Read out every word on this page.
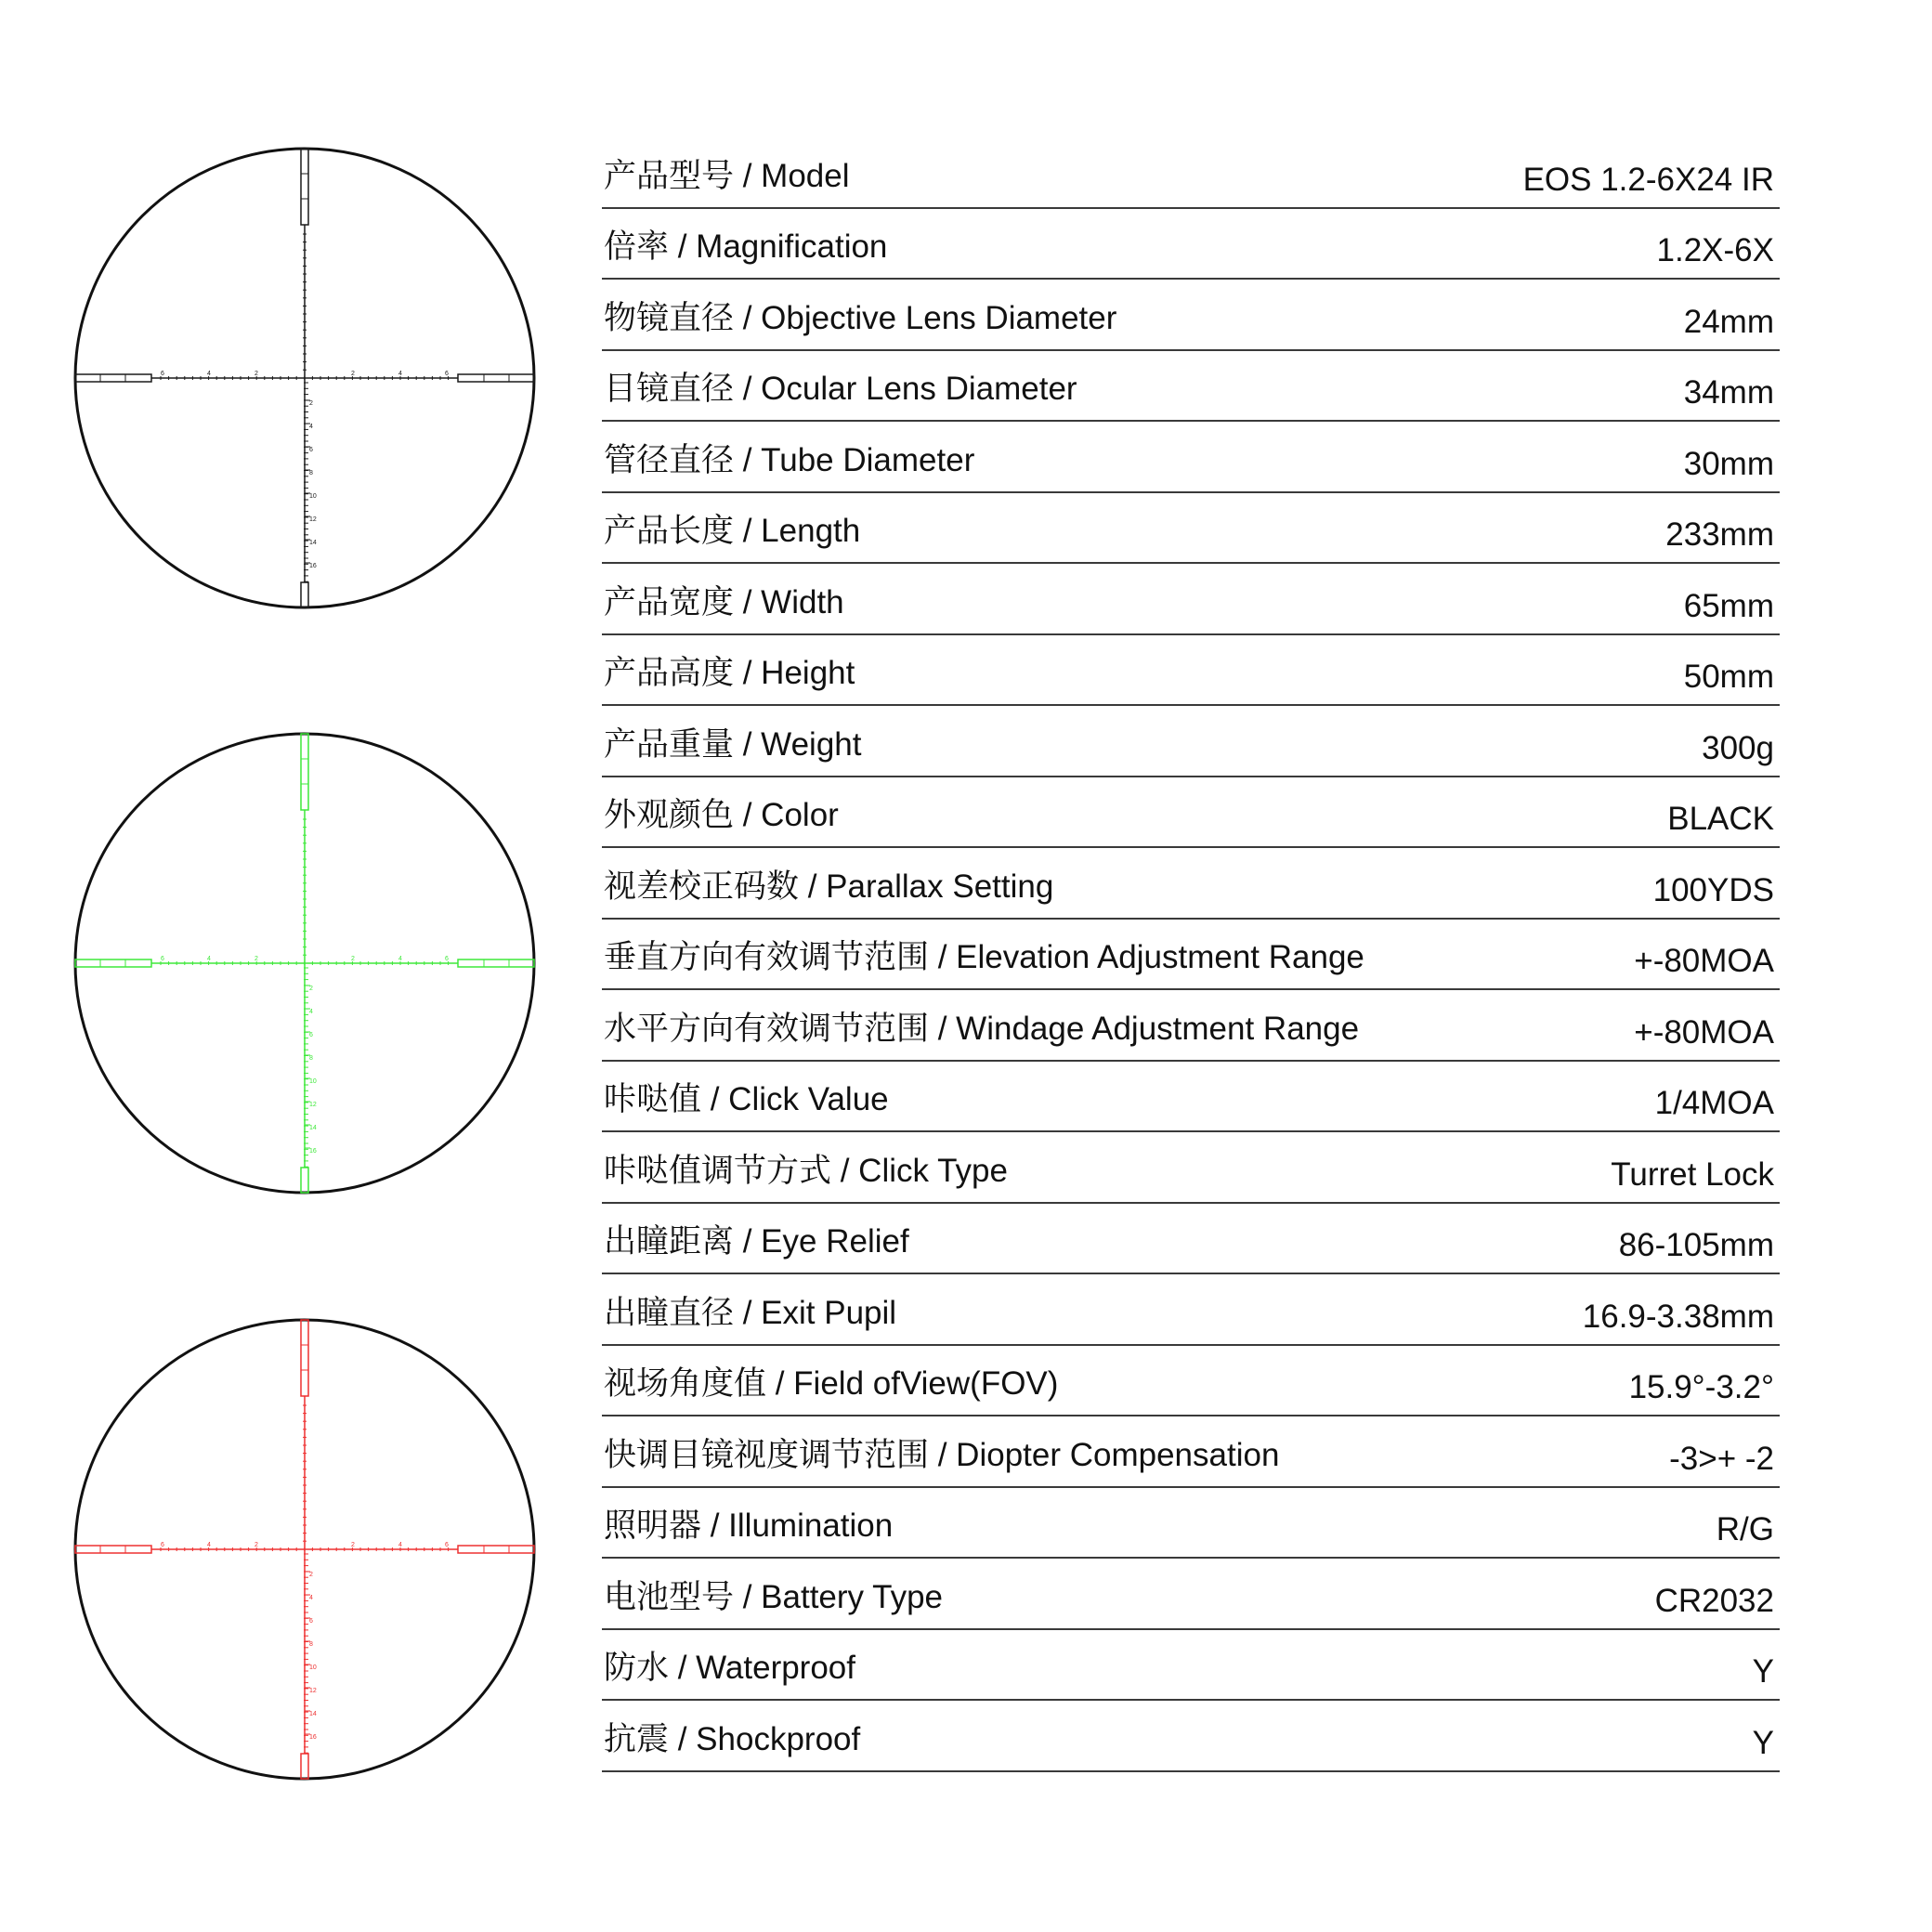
6	4	2	2	4	6
2
4
6
8
10
12
14
16
6	4	2	2	4	6
2
4
6
8
10
12
14
16
6	4	2	2	4	6
2
4
6
8
10
12
14
16
产品型号 / Model	EOS 1.2-6X24 IR
倍率 / Magnification	1.2X-6X
物镜直径 / Objective Lens Diameter	24mm
目镜直径 / Ocular Lens Diameter	34mm
管径直径 / Tube Diameter	30mm
产品长度 / Length	233mm
产品宽度 / Width	65mm
产品高度 / Height	50mm
产品重量 / Weight	300g
外观颜色 / Color	BLACK
视差校正码数 / Parallax Setting	100YDS
垂直方向有效调节范围 / Elevation Adjustment Range	+-80MOA
水平方向有效调节范围 / Windage Adjustment Range	+-80MOA
咔哒值 / Click Value	1/4MOA
咔哒值调节方式 / Click Type	Turret Lock
出瞳距离 / Eye Relief	86-105mm
出瞳直径 / Exit Pupil	16.9-3.38mm
视场角度值 / Field ofView(FOV)	15.9°-3.2°
快调目镜视度调节范围 / Diopter Compensation	-3>+ -2
照明器 / Illumination	R/G
电池型号 / Battery Type	CR2032
防水 / Waterproof	Y
抗震 / Shockproof	Y
